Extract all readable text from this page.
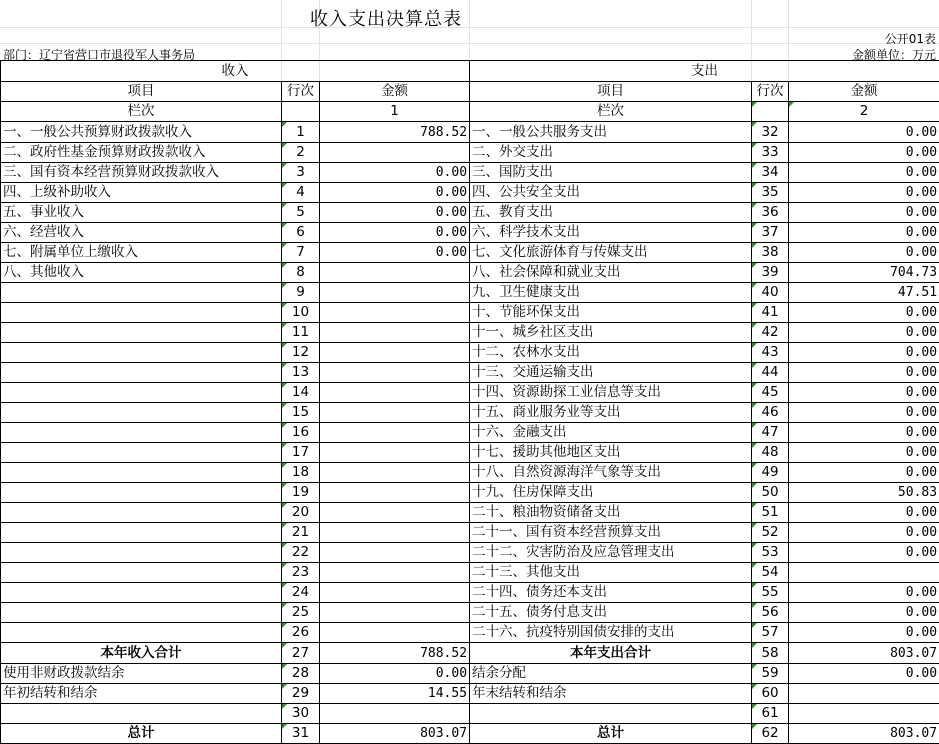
收入支出决算总表
公开01表
部门：辽宁省营口市退役军人事务局	金额单位：万元
收入			支出		
项目	行次	金额	项目	行次	金额
栏次		1	栏次		2
一、一般公共预算财政拨款收入	1	788.52	一、一般公共服务支出	32	0.00
二、政府性基金预算财政拨款收入	2		二、外交支出	33	0.00
三、国有资本经营预算财政拨款收入	3	0.00	三、国防支出	34	0.00
四、上级补助收入	4	0.00	四、公共安全支出	35	0.00
五、事业收入	5	0.00	五、教育支出	36	0.00
六、经营收入	6	0.00	六、科学技术支出	37	0.00
七、附属单位上缴收入	7	0.00	七、文化旅游体育与传媒支出	38	0.00
八、其他收入	8		八、社会保障和就业支出	39	704.73
	9		九、卫生健康支出	40	47.51
	10		十、节能环保支出	41	0.00
	11		十一、城乡社区支出	42	0.00
	12		十二、农林水支出	43	0.00
	13		十三、交通运输支出	44	0.00
	14		十四、资源勘探工业信息等支出	45	0.00
	15		十五、商业服务业等支出	46	0.00
	16		十六、金融支出	47	0.00
	17		十七、援助其他地区支出	48	0.00
	18		十八、自然资源海洋气象等支出	49	0.00
	19		十九、住房保障支出	50	50.83
	20		二十、粮油物资储备支出	51	0.00
	21		二十一、国有资本经营预算支出	52	0.00
	22		二十二、灾害防治及应急管理支出	53	0.00
	23		二十三、其他支出	54	
	24		二十四、债务还本支出	55	0.00
	25		二十五、债务付息支出	56	0.00
	26		二十六、抗疫特别国债安排的支出	57	0.00
本年收入合计	27	788.52	本年支出合计	58	803.07
使用非财政拨款结余	28	0.00	结余分配	59	0.00
年初结转和结余	29	14.55	年末结转和结余	60	
	30			61	
总计	31	803.07	总计	62	803.07
